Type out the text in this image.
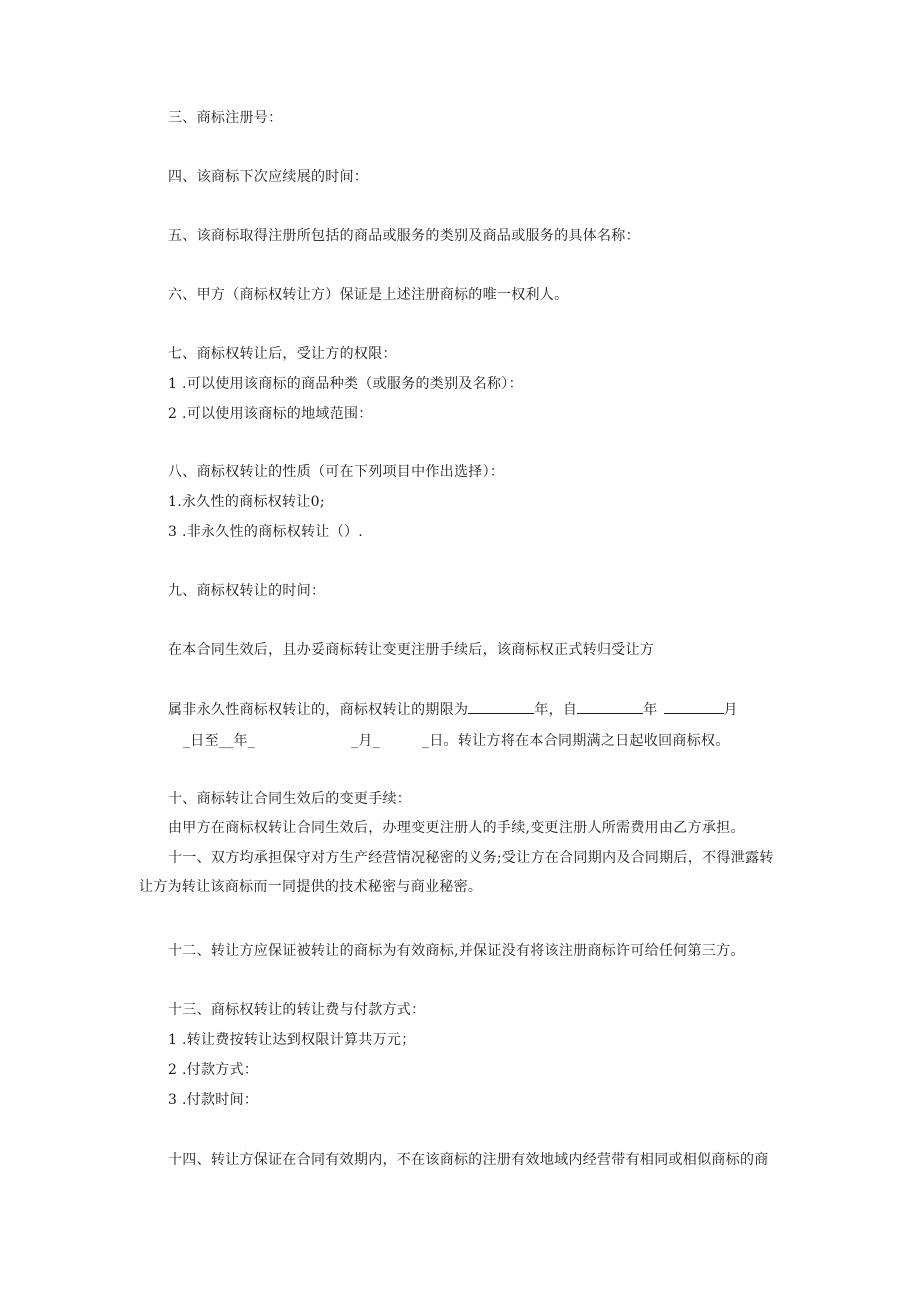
三、商标注册号：
四、该商标下次应续展的时间：
五、该商标取得注册所包括的商品或服务的类别及商品或服务的具体名称：
六、甲方（商标权转让方）保证是上述注册商标的唯一权利人。
七、商标权转让后，受让方的权限：
1 .可以使用该商标的商品种类（或服务的类别及名称）：
2 .可以使用该商标的地域范围：
八、商标权转让的性质（可在下列项目中作出选择）：
1.永久性的商标权转让0;
3 .非永久性的商标权转让（）.
九、商标权转让的时间：
在本合同生效后，且办妥商标转让变更注册手续后，该商标权正式转归受让方
属非永久性商标权转让的，商标权转让的期限为	年，自	年	月
_日至__年_	_月_	_日。转让方将在本合同期满之日起收回商标权。
十、商标转让合同生效后的变更手续：
由甲方在商标权转让合同生效后，办理变更注册人的手续,变更注册人所需费用由乙方承担。
十一、双方均承担保守对方生产经营情况秘密的义务;受让方在合同期内及合同期后，不得泄露转
让方为转让该商标而一同提供的技术秘密与商业秘密。
十二、转让方应保证被转让的商标为有效商标,并保证没有将该注册商标许可给任何第三方。
十三、商标权转让的转让费与付款方式：
1 .转让费按转让达到权限计算共万元；
2 .付款方式：
3 .付款时间：
十四、转让方保证在合同有效期内，不在该商标的注册有效地域内经营带有相同或相似商标的商
